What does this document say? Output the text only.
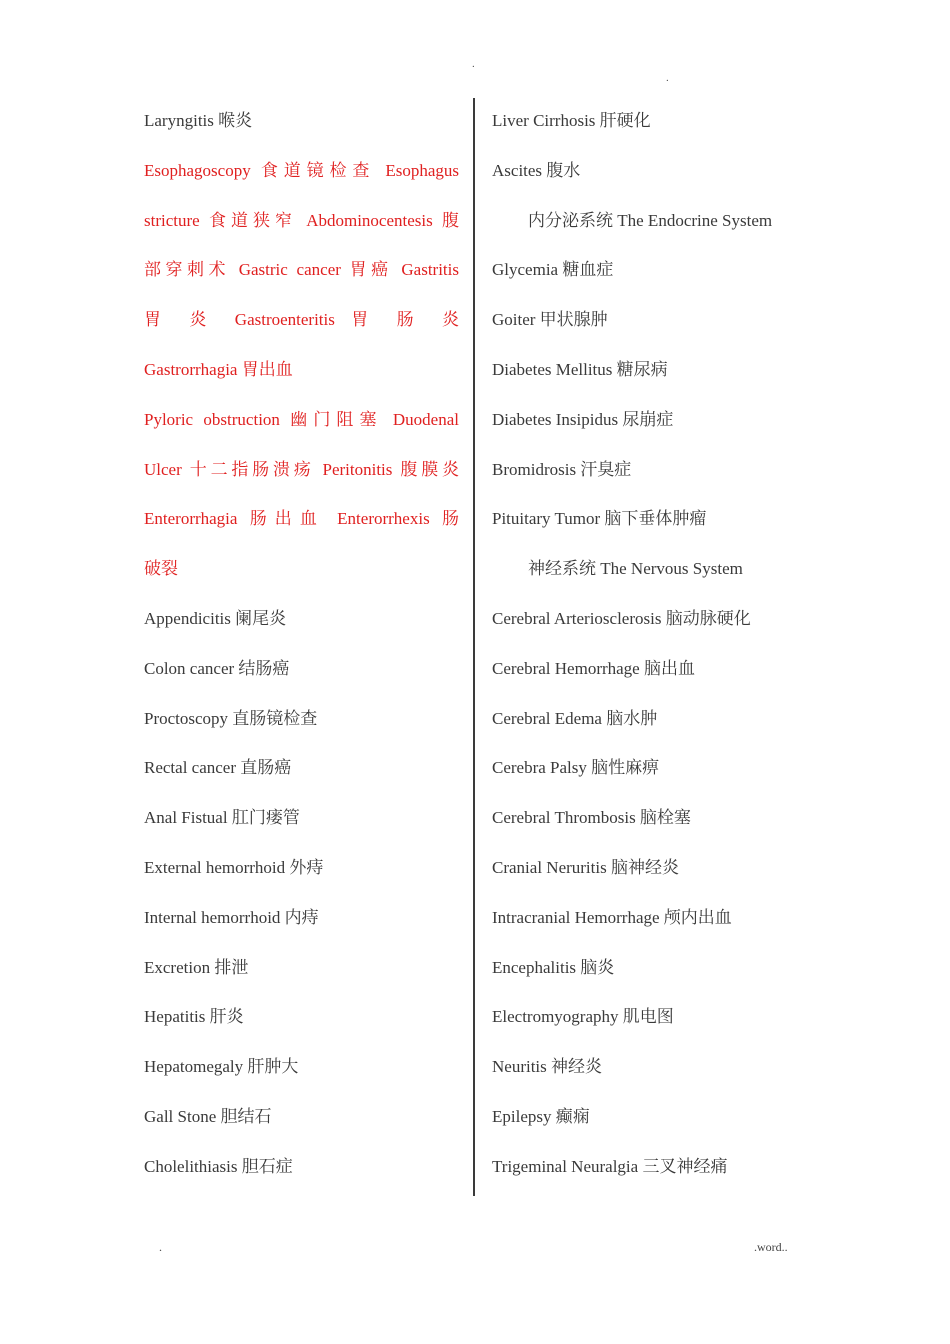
.
.
Laryngitis 喉炎
Esophagoscopy 食道镜检查 Esophagus
stricture 食道狭窄 Abdominocentesis 腹
部穿刺术 Gastric cancer 胃癌 Gastritis
胃 炎 Gastroenteritis 胃 肠 炎
Gastrorrhagia 胃出血
Pyloric obstruction 幽门阻塞 Duodenal
Ulcer 十二指肠溃疡 Peritonitis 腹膜炎
Enterorrhagia 肠出血 Enterorrhexis 肠
破裂
Appendicitis 阑尾炎
Colon cancer 结肠癌
Proctoscopy 直肠镜检查
Rectal cancer 直肠癌
Anal Fistual 肛门瘘管
External hemorrhoid 外痔
Internal hemorrhoid 内痔
Excretion 排泄
Hepatitis 肝炎
Hepatomegaly 肝肿大
Gall Stone 胆结石
Cholelithiasis 胆石症
Liver Cirrhosis 肝硬化
Ascites 腹水
内分泌系统 The Endocrine System
Glycemia 糖血症
Goiter 甲状腺肿
Diabetes Mellitus 糖尿病
Diabetes Insipidus 尿崩症
Bromidrosis 汗臭症
Pituitary Tumor 脑下垂体肿瘤
神经系统 The Nervous System
Cerebral Arteriosclerosis 脑动脉硬化
Cerebral Hemorrhage 脑出血
Cerebral Edema 脑水肿
Cerebra Palsy 脑性麻痹
Cerebral Thrombosis 脑栓塞
Cranial Neruritis 脑神经炎
Intracranial Hemorrhage 颅内出血
Encephalitis 脑炎
Electromyography 肌电图
Neuritis 神经炎
Epilepsy 癫痫
Trigeminal Neuralgia 三叉神经痛
.	.word..
